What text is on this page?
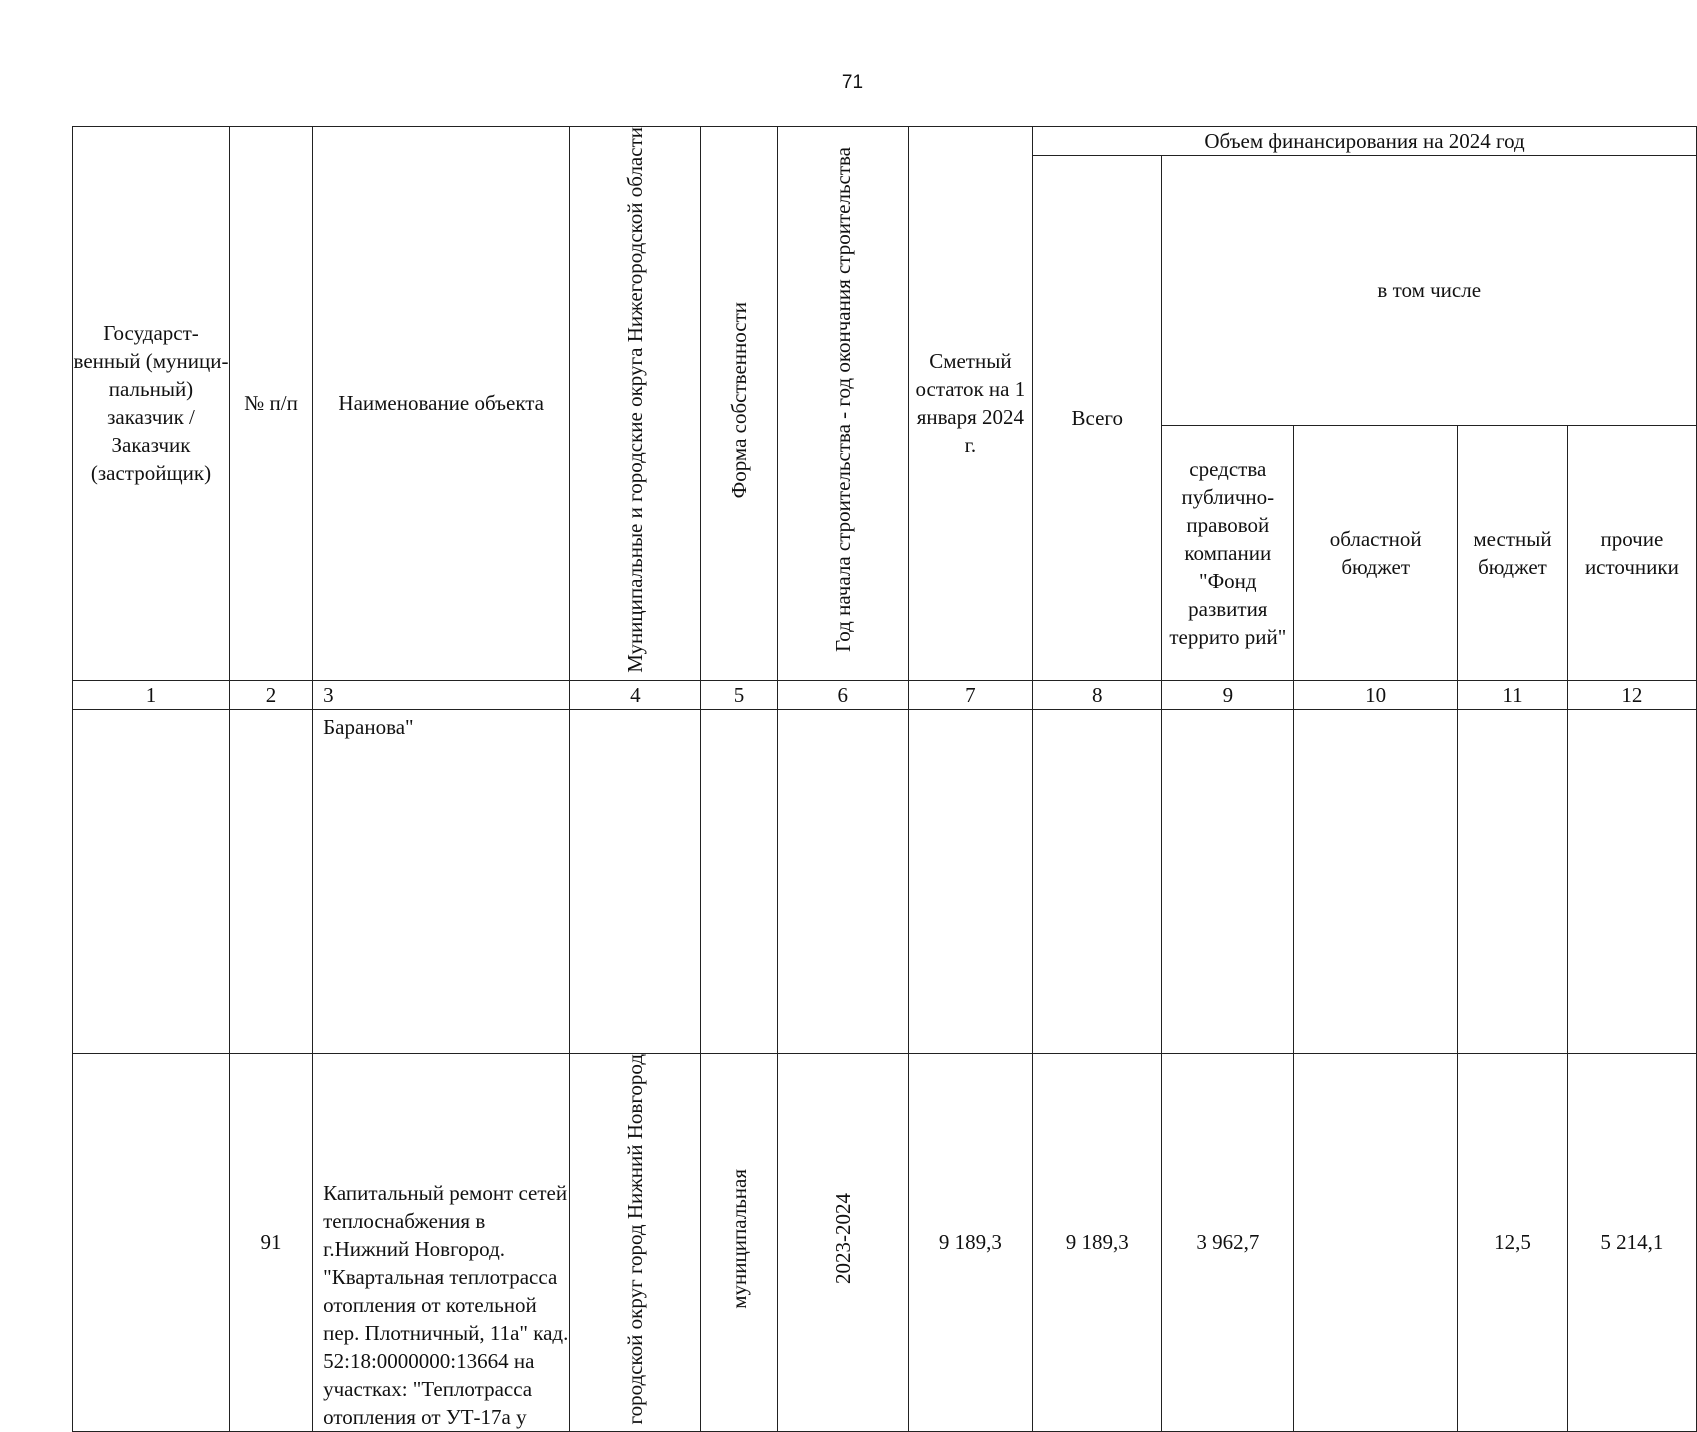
71
Государст-венный (муници-пальный) заказчик / Заказчик (застройщик)	№ п/п	Наименование объекта	Муниципальные и городские округа Нижегородской области	Форма собственности	Год начала строительства - год окончания строительства	Сметный остаток на 1 января 2024 г.	Объем финансирования на 2024 год				
							Всего	в том числе			
								средства публично-правовой компании "Фонд развития террито рий"	областной бюджет	местный бюджет	прочие источники
1	2	3	4	5	6	7	8	9	10	11	12
		Баранова"									
	91	Капитальный ремонт сетей теплоснабжения в г.Нижний Новгород. "Квартальная теплотрасса отопления от котельной пер. Плотничный, 11а" кад. 52:18:0000000:13664 на участках: "Теплотрасса отопления от УТ-17а у	городской округ город Нижний Новгород	муниципальная	2023-2024	9 189,3	9 189,3	3 962,7		12,5	5 214,1
